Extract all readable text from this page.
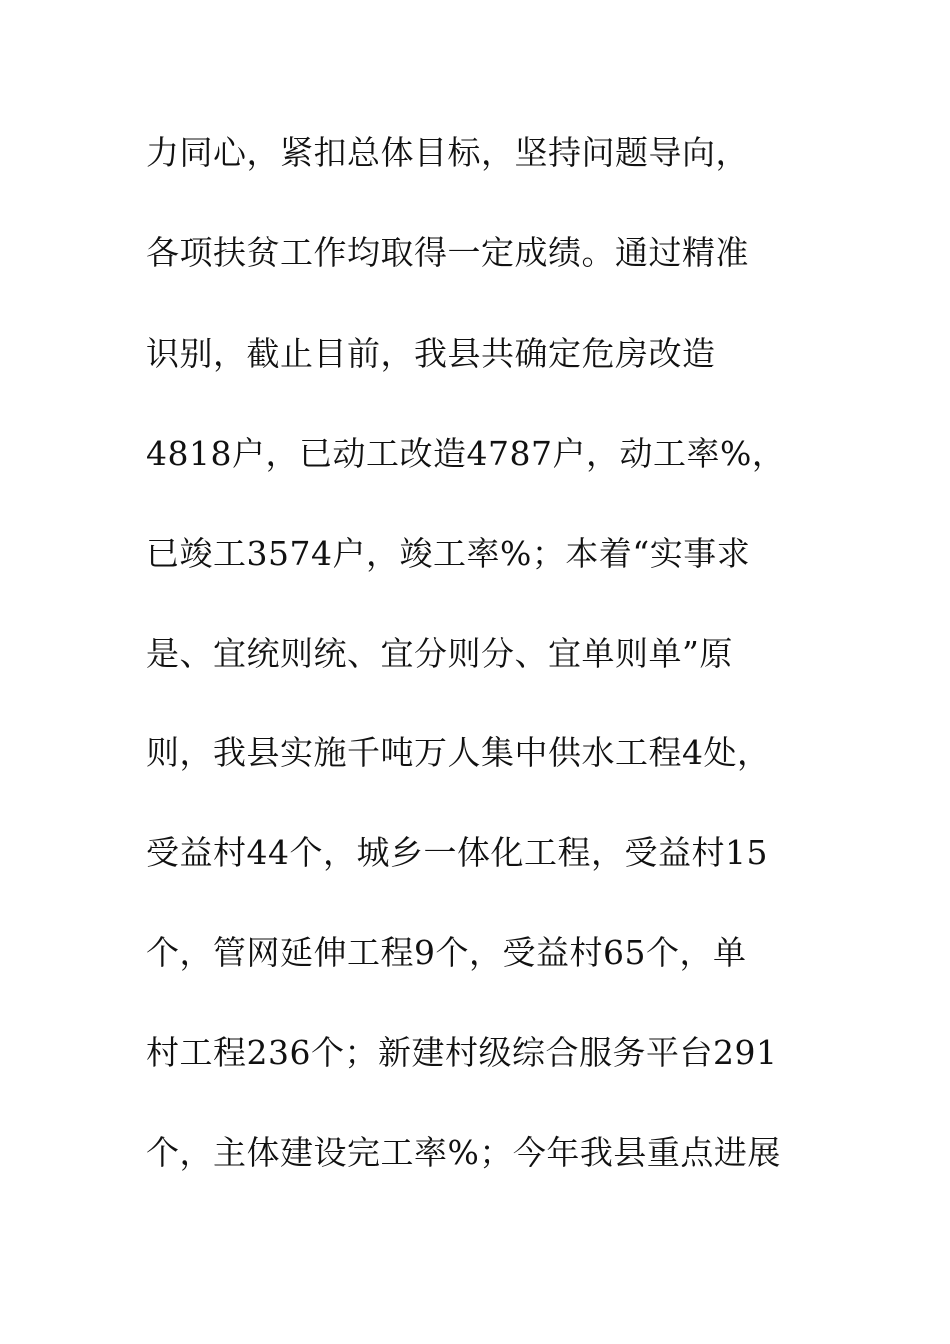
力同心，紧扣总体目标，坚持问题导向，
各项扶贫工作均取得一定成绩。通过精准
识别，截止目前，我县共确定危房改造
4818户，已动工改造4787户，动工率%，
已竣工3574户，竣工率%；本着“实事求
是、宜统则统、宜分则分、宜单则单”原
则，我县实施千吨万人集中供水工程4处，
受益村44个，城乡一体化工程，受益村15
个，管网延伸工程9个，受益村65个，单
村工程236个；新建村级综合服务平台291
个，主体建设完工率%；今年我县重点进展
